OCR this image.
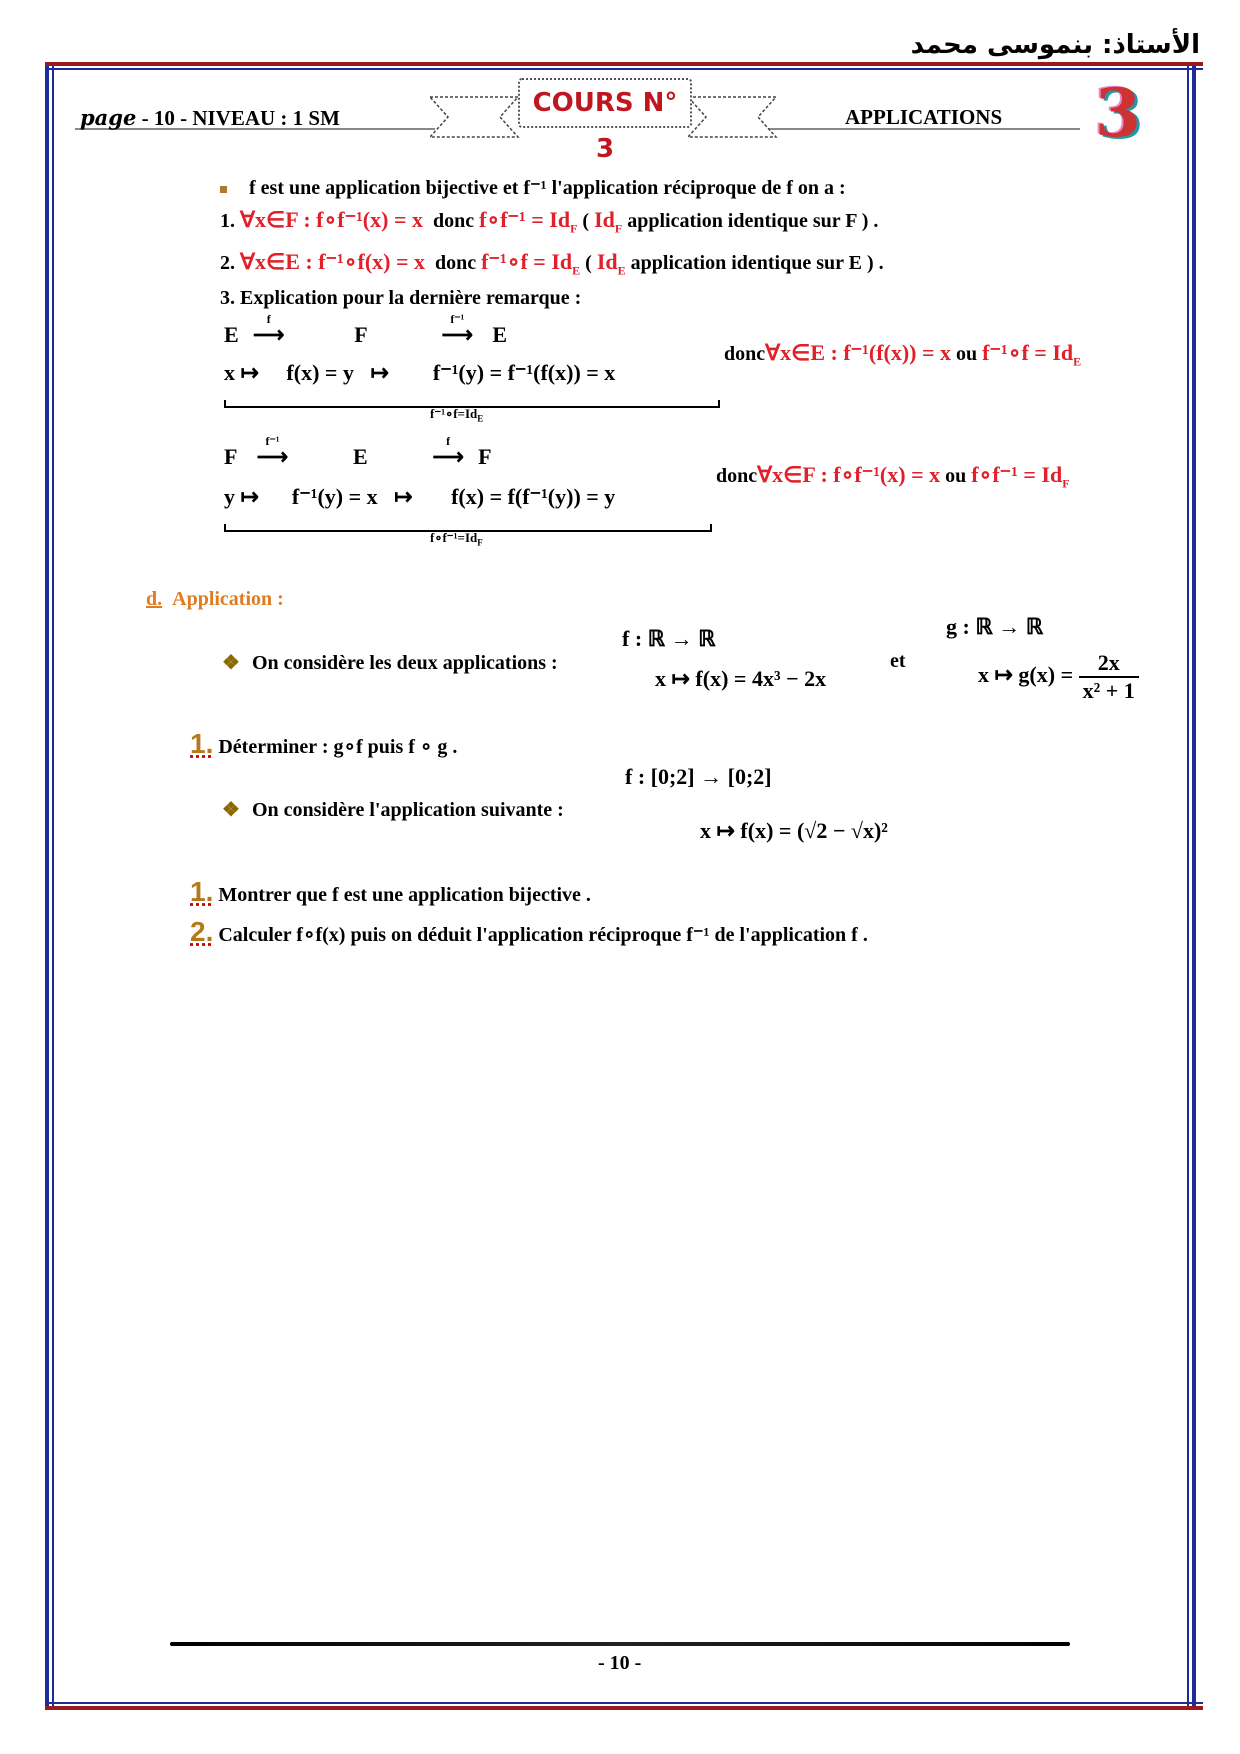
الأستاذ: بنموسى محمد
page - 10 - NIVEAU : 1 SM	COURS N° 3
APPLICATIONS 3
f est une application bijective et f⁻¹ l'application réciproque de f on a :
1. ∀x∈F : f∘f⁻¹(x) = x donc f∘f⁻¹ = $Id_F$ ( $Id_F$ application identique sur F ) .
2. ∀x∈E : f⁻¹∘f(x) = x donc f⁻¹∘f = $Id_E$ ( $Id_E$ application identique sur E ) .
3. Explication pour la dernière remarque :
E
f
⟶	F
f⁻¹
⟶ E
x ↦     f(x) = y   ↦        f⁻¹(y) = f⁻¹(f(x)) = x
$f^{-1}\circ f=Id_E$
donc∀x∈E : f⁻¹(f(x)) = x ou f⁻¹∘f = $Id_E$
F
f⁻¹
⟶	E
f
⟶ F
y ↦      f⁻¹(y) = x   ↦       f(x) = f(f⁻¹(y)) = y
$f\circ f^{-1}=Id_F$
donc∀x∈F : f∘f⁻¹(x) = x ou f∘f⁻¹ = $Id_F$
d. Application :
❖ On considère les deux applications :
f : ℝ → ℝ
x ↦ f(x) = 4x³ − 2x
et
g : ℝ → ℝ
x ↦ $g(x) = \frac{2x}{\text{x² + 1}}$
1. Déterminer : g∘f puis f ∘ g .
f : [0;2] → [0;2]
❖ On considère l'application suivante :
x ↦ f(x) = (√2 − √x)²
1. Montrer que f est une application bijective .
2. Calculer f∘f(x) puis on déduit l'application réciproque f⁻¹ de l'application f .
- 10 -
